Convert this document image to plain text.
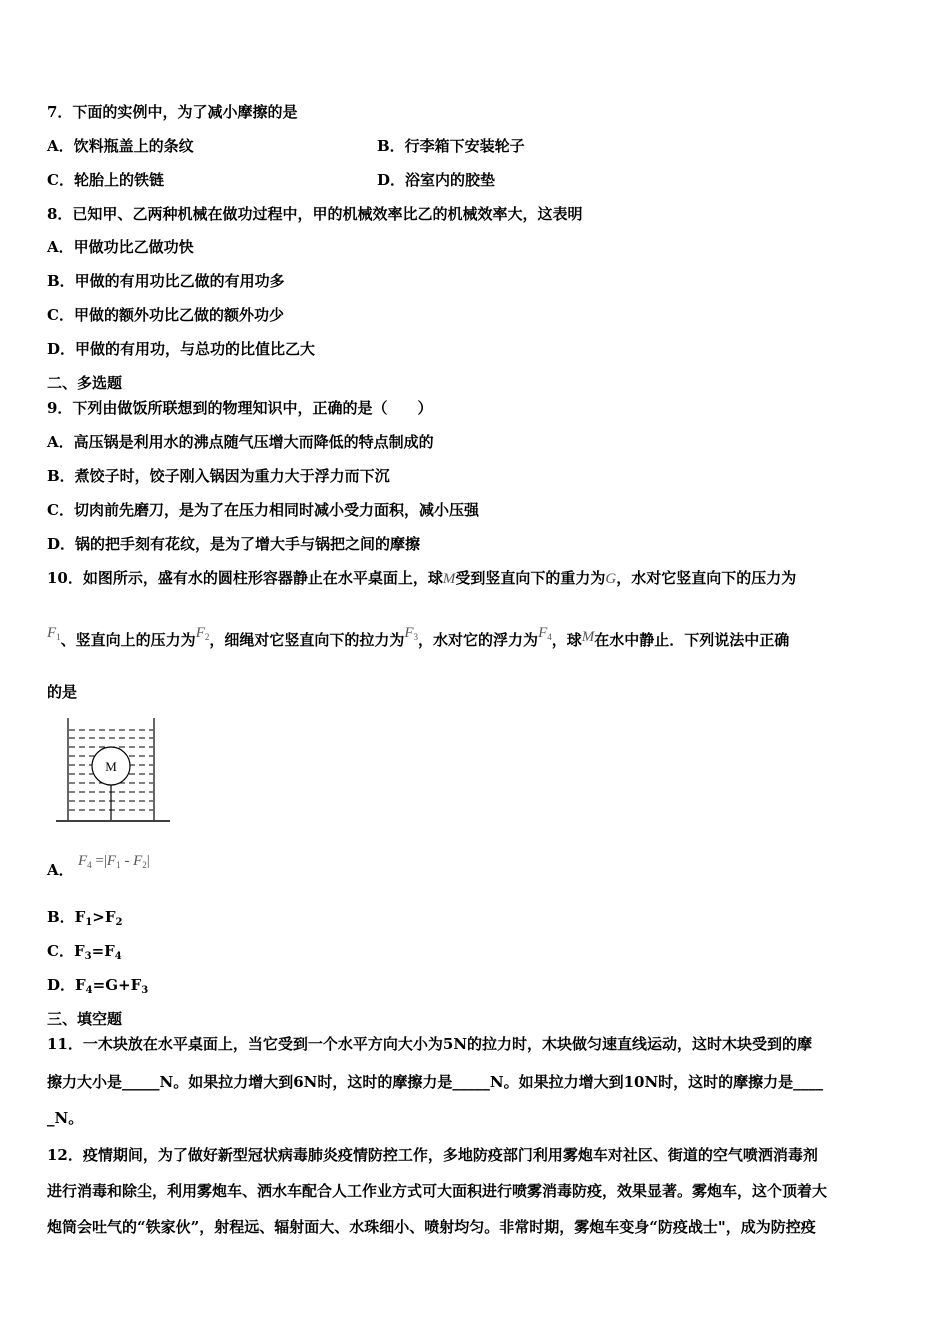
7．下面的实例中，为了减小摩擦的是
A．饮料瓶盖上的条纹	B．行李箱下安装轮子
C．轮胎上的铁链	D．浴室内的胶垫
8．已知甲、乙两种机械在做功过程中，甲的机械效率比乙的机械效率大，这表明
A．甲做功比乙做功快
B．甲做的有用功比乙做的有用功多
C．甲做的额外功比乙做的额外功少
D．甲做的有用功，与总功的比值比乙大
二、多选题
9．下列由做饭所联想到的物理知识中，正确的是（　　）
A．高压锅是利用水的沸点随气压增大而降低的特点制成的
B．煮饺子时，饺子刚入锅因为重力大于浮力而下沉
C．切肉前先磨刀，是为了在压力相同时减小受力面积，减小压强
D．锅的把手刻有花纹，是为了增大手与锅把之间的摩擦
10．如图所示，盛有水的圆柱形容器静止在水平桌面上，球M受到竖直向下的重力为G，水对它竖直向下的压力为
$F_1$、竖直向上的压力为$F_2$，细绳对它竖直向下的拉力为$F_3$，水对它的浮力为$F_4$，球M在水中静止．下列说法中正确
的是
M
A． $F_4 =|F_1 - F_2|$
B．$F_1>F_2$
C．$F_3=F_4$
D．$F_4=G+F_3$
三、填空题
11．一木块放在水平桌面上，当它受到一个水平方向大小为5N的拉力时，木块做匀速直线运动，这时木块受到的摩
擦力大小是_____N。如果拉力增大到6N时，这时的摩擦力是_____N。如果拉力增大到10N时，这时的摩擦力是____
_N。
12．疫情期间，为了做好新型冠状病毒肺炎疫情防控工作，多地防疫部门利用雾炮车对社区、街道的空气喷洒消毒剂
进行消毒和除尘，利用雾炮车、洒水车配合人工作业方式可大面积进行喷雾消毒防疫，效果显著。雾炮车，这个顶着大
炮筒会吐气的“铁家伙”，射程远、辐射面大、水珠细小、喷射均匀。非常时期，雾炮车变身“防疫战士"，成为防控疫
